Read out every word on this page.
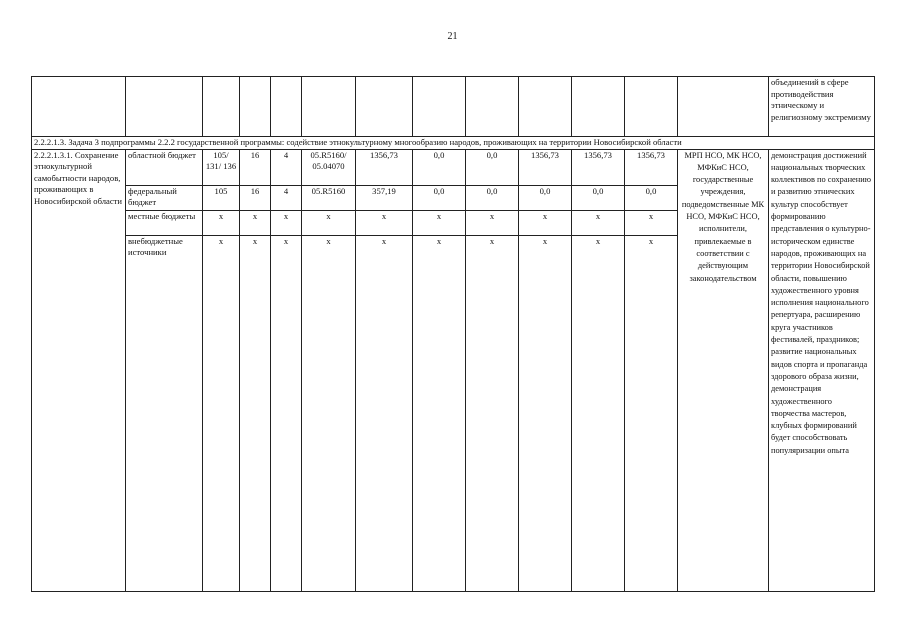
21
													объединений в сфере противодействия этническому и религиозному экстремизму
2.2.2.1.3. Задача 3 подпрограммы 2.2.2 государственной программы: содействие этнокультурному многообразию народов, проживающих на территории Новосибирской области													
2.2.2.1.3.1. Сохранение этнокультурной самобытности народов, проживающих в Новосибирской области	областной бюджет	105/ 131/ 136	16	4	05.R5160/ 05.04070	1356,73	0,0	0,0	1356,73	1356,73	1356,73	МРП НСО, МК НСО, МФКиС НСО, государственные учреждения, подведомственные МК НСО, МФКиС НСО, исполнители, привлекаемые в соответствии с действующим законодательством	демонстрация достижений национальных творческих коллективов по сохранению и развитию этнических культур способствует формированию представления о культурно-историческом единстве народов, проживающих на территории Новосибирской области, повышению художественного уровня исполнения национального репертуара, расширению круга участников фестивалей, праздников; развитие национальных видов спорта и пропаганда здорового образа жизни, демонстрация художественного творчества мастеров, клубных формирований будет способствовать популяризации опыта
	федеральный бюджет	105	16	4	05.R5160	357,19	0,0	0,0	0,0	0,0	0,0		
	местные бюджеты	x	x	x	x	x	x	x	x	x	x		
	внебюджетные источники	x	x	x	x	x	x	x	x	x	x		
